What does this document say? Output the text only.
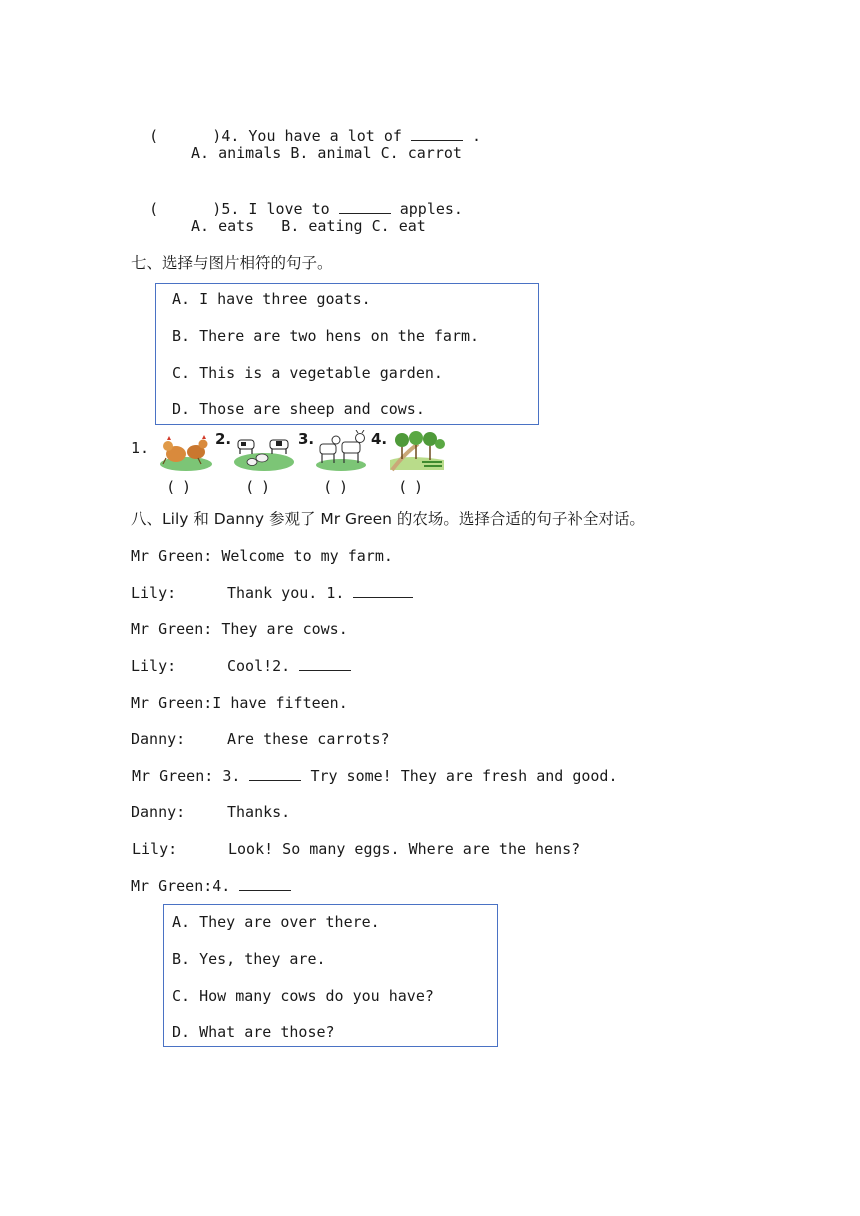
(      )4. You have a lot of	.

A. animals B. animal C. carrot

(      )5. I love to	apples.

A. eats   B. eating C. eat
七、选择与图片相符的句子。
A. I have three goats.
B. There are two hens on the farm.
C. This is a vegetable garden.
D. Those are sheep and cows.
1.	2.	3.	4.
(  )	(  )	(  )	(  )
八、Lily 和 Danny 参观了 Mr Green 的农场。选择合适的句子补全对话。
Mr Green: Welcome to my farm.
Lily:	Thank you. 1.
Mr Green: They are cows.
Lily:	Cool!2.
Mr Green:I have fifteen.
Danny:	Are these carrots?
Mr Green: 3.	Try some! They are fresh and good.
Danny:	Thanks.
Lily:	Look! So many eggs. Where are the hens?
Mr Green:4.
A. They are over there.
B. Yes, they are.
C. How many cows do you have?
D. What are those?
